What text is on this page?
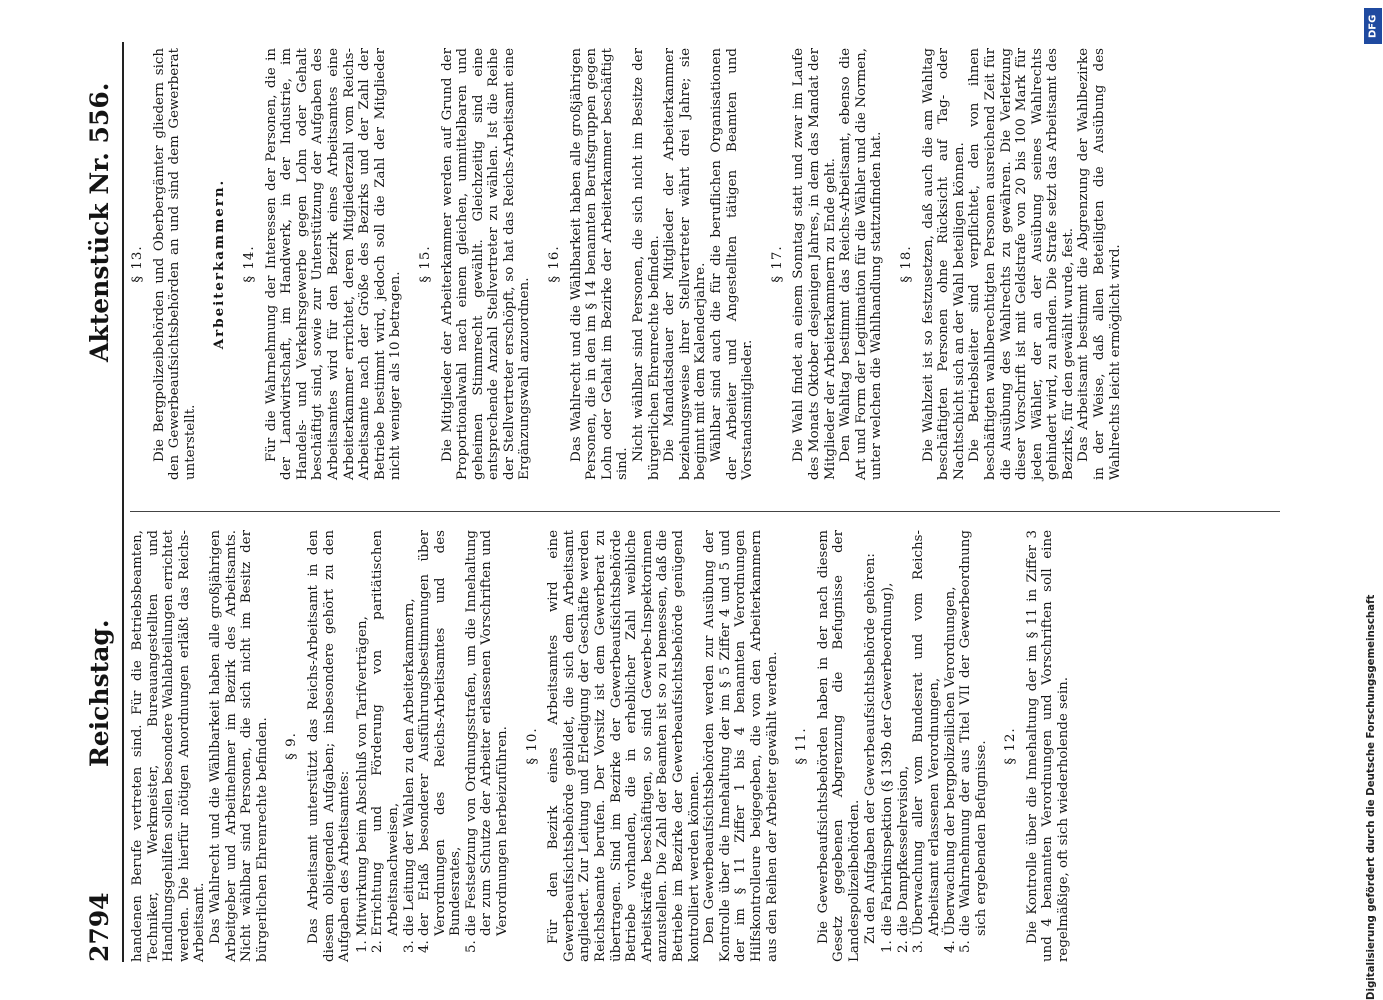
2794
Reichstag.
Aktenstück Nr. 556.

handenen Berufe vertreten sind. Für die Betriebsbeamten, Techniker, Werkmeister, Bureauangestellten und Handlungsgehilfen sollen besondere Wahlabteilungen errichtet werden. Die hierfür nötigen Anordnungen erläßt das Reichs-Arbeitsamt. Das Wahlrecht und die Wählbarkeit haben alle großjährigen Arbeitgeber und Arbeitnehmer im Bezirk des Arbeitsamts. Nicht wählbar sind Personen, die sich nicht im Besitz der bürgerlichen Ehrenrechte befinden. § 9. Das Arbeitsamt unterstützt das Reichs-Arbeitsamt in den diesem obliegenden Aufgaben; insbesondere gehört zu den Aufgaben des Arbeitsamtes: 1. Mitwirkung beim Abschluß von Tarifverträgen, 2. Errichtung und Förderung von paritätischen Arbeitsnachweisen, 3. die Leitung der Wahlen zu den Arbeiterkammern, 4. der Erlaß besonderer Ausführungsbestimmungen über Verordnungen des Reichs-Arbeitsamtes und des Bundesrates, 5. die Festsetzung von Ordnungsstrafen, um die Innehaltung der zum Schutze der Arbeiter erlassenen Vorschriften und Verordnungen herbeizuführen. § 10. Für den Bezirk eines Arbeitsamtes wird eine Gewerbeaufsichtsbehörde gebildet, die sich dem Arbeitsamt angliedert. Zur Leitung und Erledigung der Geschäfte werden Reichsbeamte berufen. Der Vorsitz ist dem Gewerberat zu übertragen. Sind im Bezirke der Gewerbeaufsichtsbehörde Betriebe vorhanden, die in erheblicher Zahl weibliche Arbeitskräfte beschäftigen, so sind Gewerbe-Inspektorinnen anzustellen. Die Zahl der Beamten ist so zu bemessen, daß die Betriebe im Bezirke der Gewerbeaufsichtsbehörde genügend kontrolliert werden können. Den Gewerbeaufsichtsbehörden werden zur Ausübung der Kontrolle über die Innehaltung der im § 5 Ziffer 4 und 5 und der im § 11 Ziffer 1 bis 4 benannten Verordnungen Hilfskontrolleure beigegeben, die von den Arbeiterkammern aus den Reihen der Arbeiter gewählt werden. § 11. Die Gewerbeaufsichtsbehörden haben in der nach diesem Gesetz gegebenen Abgrenzung die Befugnisse der Landespolizeibehörden. Zu den Aufgaben der Gewerbeaufsichtsbehörde gehören: 1. die Fabrikinspektion (§ 139b der Gewerbeordnung), 2. die Dampfkesselrevision, 3. Überwachung aller vom Bundesrat und vom Reichs-Arbeitsamt erlassenen Verordnungen, 4. Überwachung der bergpolizeilichen Verordnungen, 5. die Wahrnehmung der aus Titel VII der Gewerbeordnung sich ergebenden Befugnisse. § 12. Die Kontrolle über die Innehaltung der im § 11 in Ziffer 3 und 4 benannten Verordnungen und Vorschriften soll eine regelmäßige, oft sich wiederholende sein.

§ 13. Die Bergpolizeibehörden und Oberbergämter gliedern sich den Gewerbeaufsichtsbehörden an und sind dem Gewerberat unterstellt.

Arbeiterkammern. § 14. Für die Wahrnehmung der Interessen der Personen, die in der Landwirtschaft, im Handwerk, in der Industrie, im Handels- und Verkehrsgewerbe gegen Lohn oder Gehalt beschäftigt sind, sowie zur Unterstützung der Aufgaben des Arbeitsamtes wird für den Bezirk eines Arbeitsamtes eine Arbeiterkammer errichtet, deren Mitgliederzahl vom Reichs-Arbeitsamte nach der Größe des Bezirks und der Zahl der Betriebe bestimmt wird, jedoch soll die Zahl der Mitglieder nicht weniger als 10 betragen.

§ 15. Die Mitglieder der Arbeiterkammer werden auf Grund der Proportionalwahl nach einem gleichen, unmittelbaren und geheimen Stimmrecht gewählt. Gleichzeitig sind eine entsprechende Anzahl Stellvertreter zu wählen. Ist die Reihe der Stellvertreter erschöpft, so hat das Reichs-Arbeitsamt eine Ergänzungswahl anzuordnen.

§ 16. Das Wahlrecht und die Wählbarkeit haben alle großjährigen Personen, die in den im § 14 benannten Berufsgruppen gegen Lohn oder Gehalt im Bezirke der Arbeiterkammer beschäftigt sind.

Nicht wählbar sind Personen, die sich nicht im Besitze der bürgerlichen Ehrenrechte befinden. Die Mandatsdauer der Mitglieder der Arbeiterkammer beziehungsweise ihrer Stellvertreter währt drei Jahre; sie beginnt mit dem Kalenderjahre. Wählbar sind auch die für die beruflichen Organisationen der Arbeiter und Angestellten tätigen Beamten und Vorstandsmitglieder.

§ 17. Die Wahl findet an einem Sonntag statt und zwar im Laufe des Monats Oktober desjenigen Jahres, in dem das Mandat der Mitglieder der Arbeiterkammern zu Ende geht. Den Wahltag bestimmt das Reichs-Arbeitsamt, ebenso die Art und Form der Legitimation für die Wähler und die Normen, unter welchen die Wahlhandlung stattzufinden hat. § 18. Die Wahlzeit ist so festzusetzen, daß auch die am Wahltag beschäftigten Personen ohne Rücksicht auf Tag- oder Nachtschicht sich an der Wahl beteiligen können. Die Betriebsleiter sind verpflichtet, den von ihnen beschäftigten wahlberechtigten Personen ausreichend Zeit für die Ausübung des Wahlrechts zu gewähren. Die Verletzung dieser Vorschrift ist mit Geldstrafe von 20 bis 100 Mark für jeden Wähler, der an der Ausübung seines Wahlrechts gehindert wird, zu ahnden. Die Strafe setzt das Arbeitsamt des Bezirks, für den gewählt wurde, fest. Das Arbeitsamt bestimmt die Abgrenzung der Wahlbezirke in der Weise, daß allen Beteiligten die Ausübung des Wahlrechts leicht ermöglicht wird.

DFG
Digitalisierung gefördert durch die Deutsche Forschungsgemeinschaft
